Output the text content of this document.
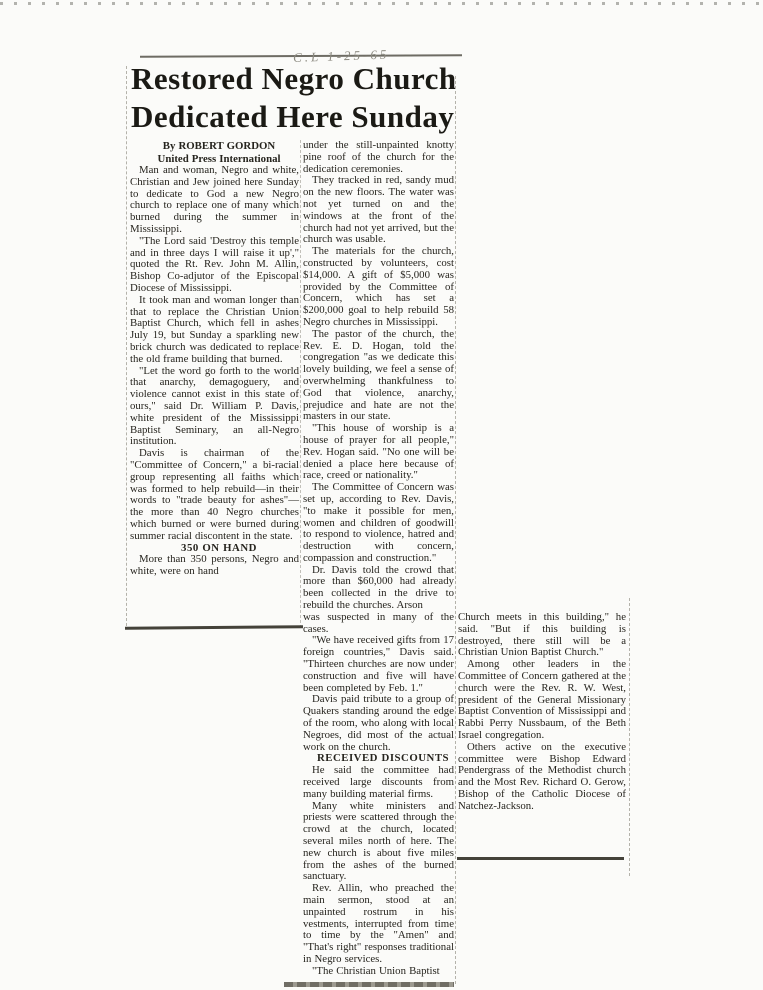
C.L 1-25-65
Restored Negro Church
Dedicated Here Sunday

By ROBERT GORDON

United Press International

Man and woman, Negro and white, Christian and Jew joined here Sunday to dedicate to God a new Negro church to replace one of many which burned during the summer in Mississippi.

"The Lord said 'Destroy this temple and in three days I will raise it up'," quoted the Rt. Rev. John M. Allin, Bishop Co-adjutor of the Episcopal Diocese of Mississippi.

It took man and woman longer than that to replace the Christian Union Baptist Church, which fell in ashes July 19, but Sunday a sparkling new brick church was dedicated to replace the old frame building that burned.

"Let the word go forth to the world that anarchy, demagoguery, and violence cannot exist in this state of ours," said Dr. William P. Davis, white president of the Mississippi Baptist Seminary, an all-Negro institution.

Davis is chairman of the "Committee of Concern," a bi-racial group representing all faiths which was formed to help rebuild—in their words to "trade beauty for ashes"—the more than 40 Negro churches which burned or were burned during summer racial discontent in the state.

350 ON HAND

More than 350 persons, Negro and white, were on hand

under the still-unpainted knotty pine roof of the church for the dedication ceremonies.

They tracked in red, sandy mud on the new floors. The water was not yet turned on and the windows at the front of the church had not yet arrived, but the church was usable.

The materials for the church, constructed by volunteers, cost $14,000. A gift of $5,000 was provided by the Committee of Concern, which has set a $200,000 goal to help rebuild 58 Negro churches in Mississippi.

The pastor of the church, the Rev. E. D. Hogan, told the congregation "as we dedicate this lovely building, we feel a sense of overwhelming thankfulness to God that violence, anarchy, prejudice and hate are not the masters in our state.

"This house of worship is a house of prayer for all people," Rev. Hogan said. "No one will be denied a place here because of race, creed or nationality."

The Committee of Concern was set up, according to Rev. Davis, "to make it possible for men, women and children of goodwill to respond to violence, hatred and destruction with concern, compassion and construction."

Dr. Davis told the crowd that more than $60,000 had already been collected in the drive to rebuild the churches. Arson

was suspected in many of the cases.

"We have received gifts from 17 foreign countries," Davis said. "Thirteen churches are now under construction and five will have been completed by Feb. 1."

Davis paid tribute to a group of Quakers standing around the edge of the room, who along with local Negroes, did most of the actual work on the church.

RECEIVED DISCOUNTS

He said the committee had received large discounts from many building material firms.

Many white ministers and priests were scattered through the crowd at the church, located several miles north of here. The new church is about five miles from the ashes of the burned sanctuary.

Rev. Allin, who preached the main sermon, stood at an unpainted rostrum in his vestments, interrupted from time to time by the "Amen" and "That's right" responses traditional in Negro services.

"The Christian Union Baptist

Church meets in this building," he said. "But if this building is destroyed, there still will be a Christian Union Baptist Church."

Among other leaders in the Committee of Concern gathered at the church were the Rev. R. W. West, president of the General Missionary Baptist Convention of Mississippi and Rabbi Perry Nussbaum, of the Beth Israel congregation.

Others active on the executive committee were Bishop Edward Pendergrass of the Methodist church and the Most Rev. Richard O. Gerow, Bishop of the Catholic Diocese of Natchez-Jackson.
